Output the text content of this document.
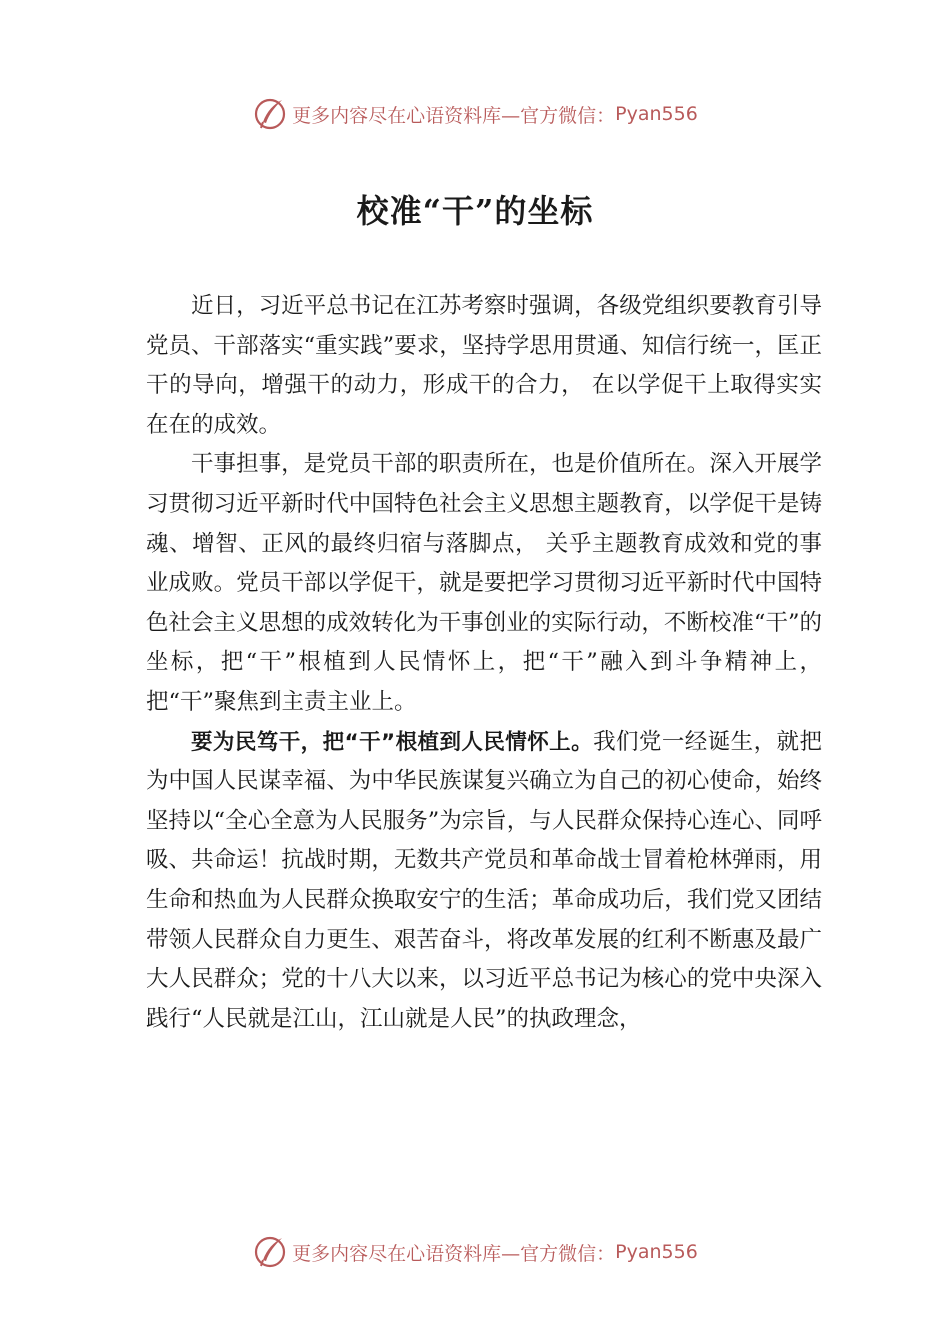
更多内容尽在心语资料库—官方微信： Pyan556
校准“干”的坐标

近日，习近平总书记在江苏考察时强调，各级党组织要教育引导党员、干部落实“重实践”要求，坚持学思用贯通、知信行统一，匡正干的导向，增强干的动力，形成干的合力， 在以学促干上取得实实在在的成效。

干事担事，是党员干部的职责所在，也是价值所在。深入开展学习贯彻习近平新时代中国特色社会主义思想主题教育，以学促干是铸魂、增智、正风的最终归宿与落脚点， 关乎主题教育成效和党的事业成败。党员干部以学促干，就是要把学习贯彻习近平新时代中国特色社会主义思想的成效转化为干事创业的实际行动，不断校准“干”的坐标，把“干”根植到人民情怀上，把“干”融入到斗争精神上，把“干”聚焦到主责主业上。

要为民笃干，把“干”根植到人民情怀上。我们党一经诞生，就把为中国人民谋幸福、为中华民族谋复兴确立为自己的初心使命，始终坚持以“全心全意为人民服务”为宗旨，与人民群众保持心连心、同呼吸、共命运！抗战时期，无数共产党员和革命战士冒着枪林弹雨，用生命和热血为人民群众换取安宁的生活；革命成功后，我们党又团结带领人民群众自力更生、艰苦奋斗，将改革发展的红利不断惠及最广大人民群众；党的十八大以来，以习近平总书记为核心的党中央深入践行“人民就是江山，江山就是人民”的执政理念，

更多内容尽在心语资料库—官方微信： Pyan556
